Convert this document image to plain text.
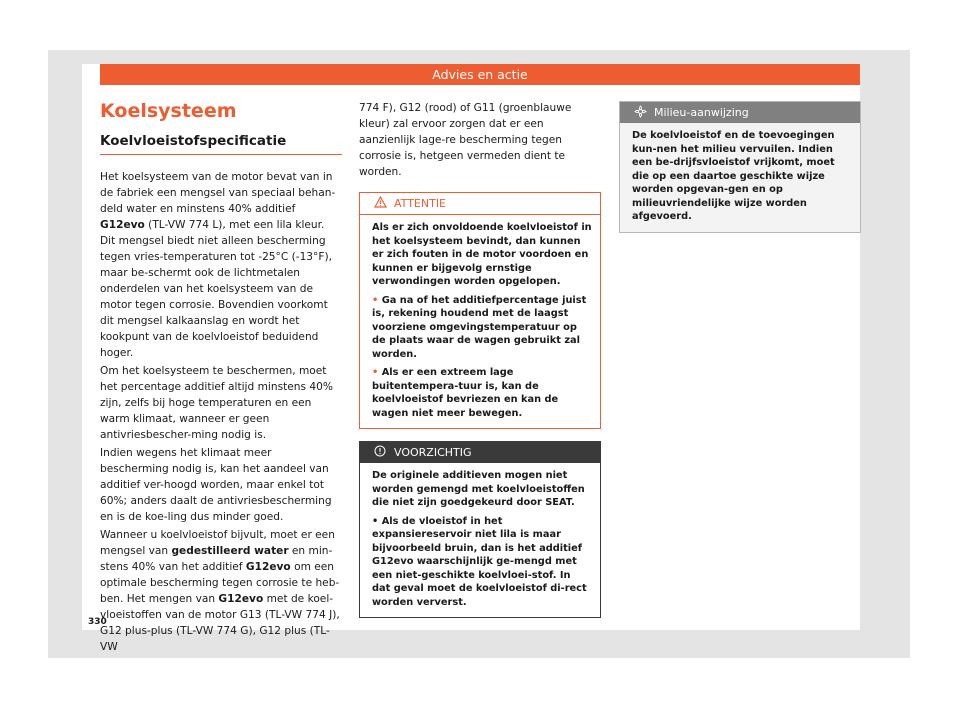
Advies en actie
Koelsysteem
Koelvloeistofspecificatie

Het koelsysteem van de motor bevat van in de fabriek een mengsel van speciaal behan-deld water en minstens 40% additief G12evo (TL-VW 774 L), met een lila kleur. Dit mengsel biedt niet alleen bescherming tegen vries-temperaturen tot -25°C (-13°F), maar be-schermt ook de lichtmetalen onderdelen van het koelsysteem van de motor tegen corrosie. Bovendien voorkomt dit mengsel kalkaanslag en wordt het kookpunt van de koelvloeistof beduidend hoger.

Om het koelsysteem te beschermen, moet het percentage additief altijd minstens 40% zijn, zelfs bij hoge temperaturen en een warm klimaat, wanneer er geen antivriesbescher-ming nodig is.

Indien wegens het klimaat meer bescherming nodig is, kan het aandeel van additief ver-hoogd worden, maar enkel tot 60%; anders daalt de antivriesbescherming en is de koe-ling dus minder goed.

Wanneer u koelvloeistof bijvult, moet er een mengsel van gedestilleerd water en min-stens 40% van het additief G12evo om een optimale bescherming tegen corrosie te heb-ben. Het mengen van G12evo met de koel-vloeistoffen van de motor G13 (TL-VW 774 J), G12 plus-plus (TL-VW 774 G), G12 plus (TL-VW

774 F), G12 (rood) of G11 (groenblauwe kleur) zal ervoor zorgen dat er een aanzienlijk lage-re bescherming tegen corrosie is, hetgeen vermeden dient te worden.

ATTENTIE

Als er zich onvoldoende koelvloeistof in het koelsysteem bevindt, dan kunnen er zich fouten in de motor voordoen en kunnen er bijgevolg ernstige verwondingen worden opgelopen.

• Ga na of het additiefpercentage juist is, rekening houdend met de laagst voorziene omgevingstemperatuur op de plaats waar de wagen gebruikt zal worden.

• Als er een extreem lage buitentempera-tuur is, kan de koelvloeistof bevriezen en kan de wagen niet meer bewegen.

VOORZICHTIG

De originele additieven mogen niet worden gemengd met koelvloeistoffen die niet zijn goedgekeurd door SEAT.

• Als de vloeistof in het expansiereservoir niet lila is maar bijvoorbeeld bruin, dan is het additief G12evo waarschijnlijk ge-mengd met een niet-geschikte koelvloei-stof. In dat geval moet de koelvloeistof di-rect worden ververst.

Milieu-aanwijzing

De koelvloeistof en de toevoegingen kun-nen het milieu vervuilen. Indien een be-drijfsvloeistof vrijkomt, moet die op een daartoe geschikte wijze worden opgevan-gen en op milieuvriendelijke wijze worden afgevoerd.

330
